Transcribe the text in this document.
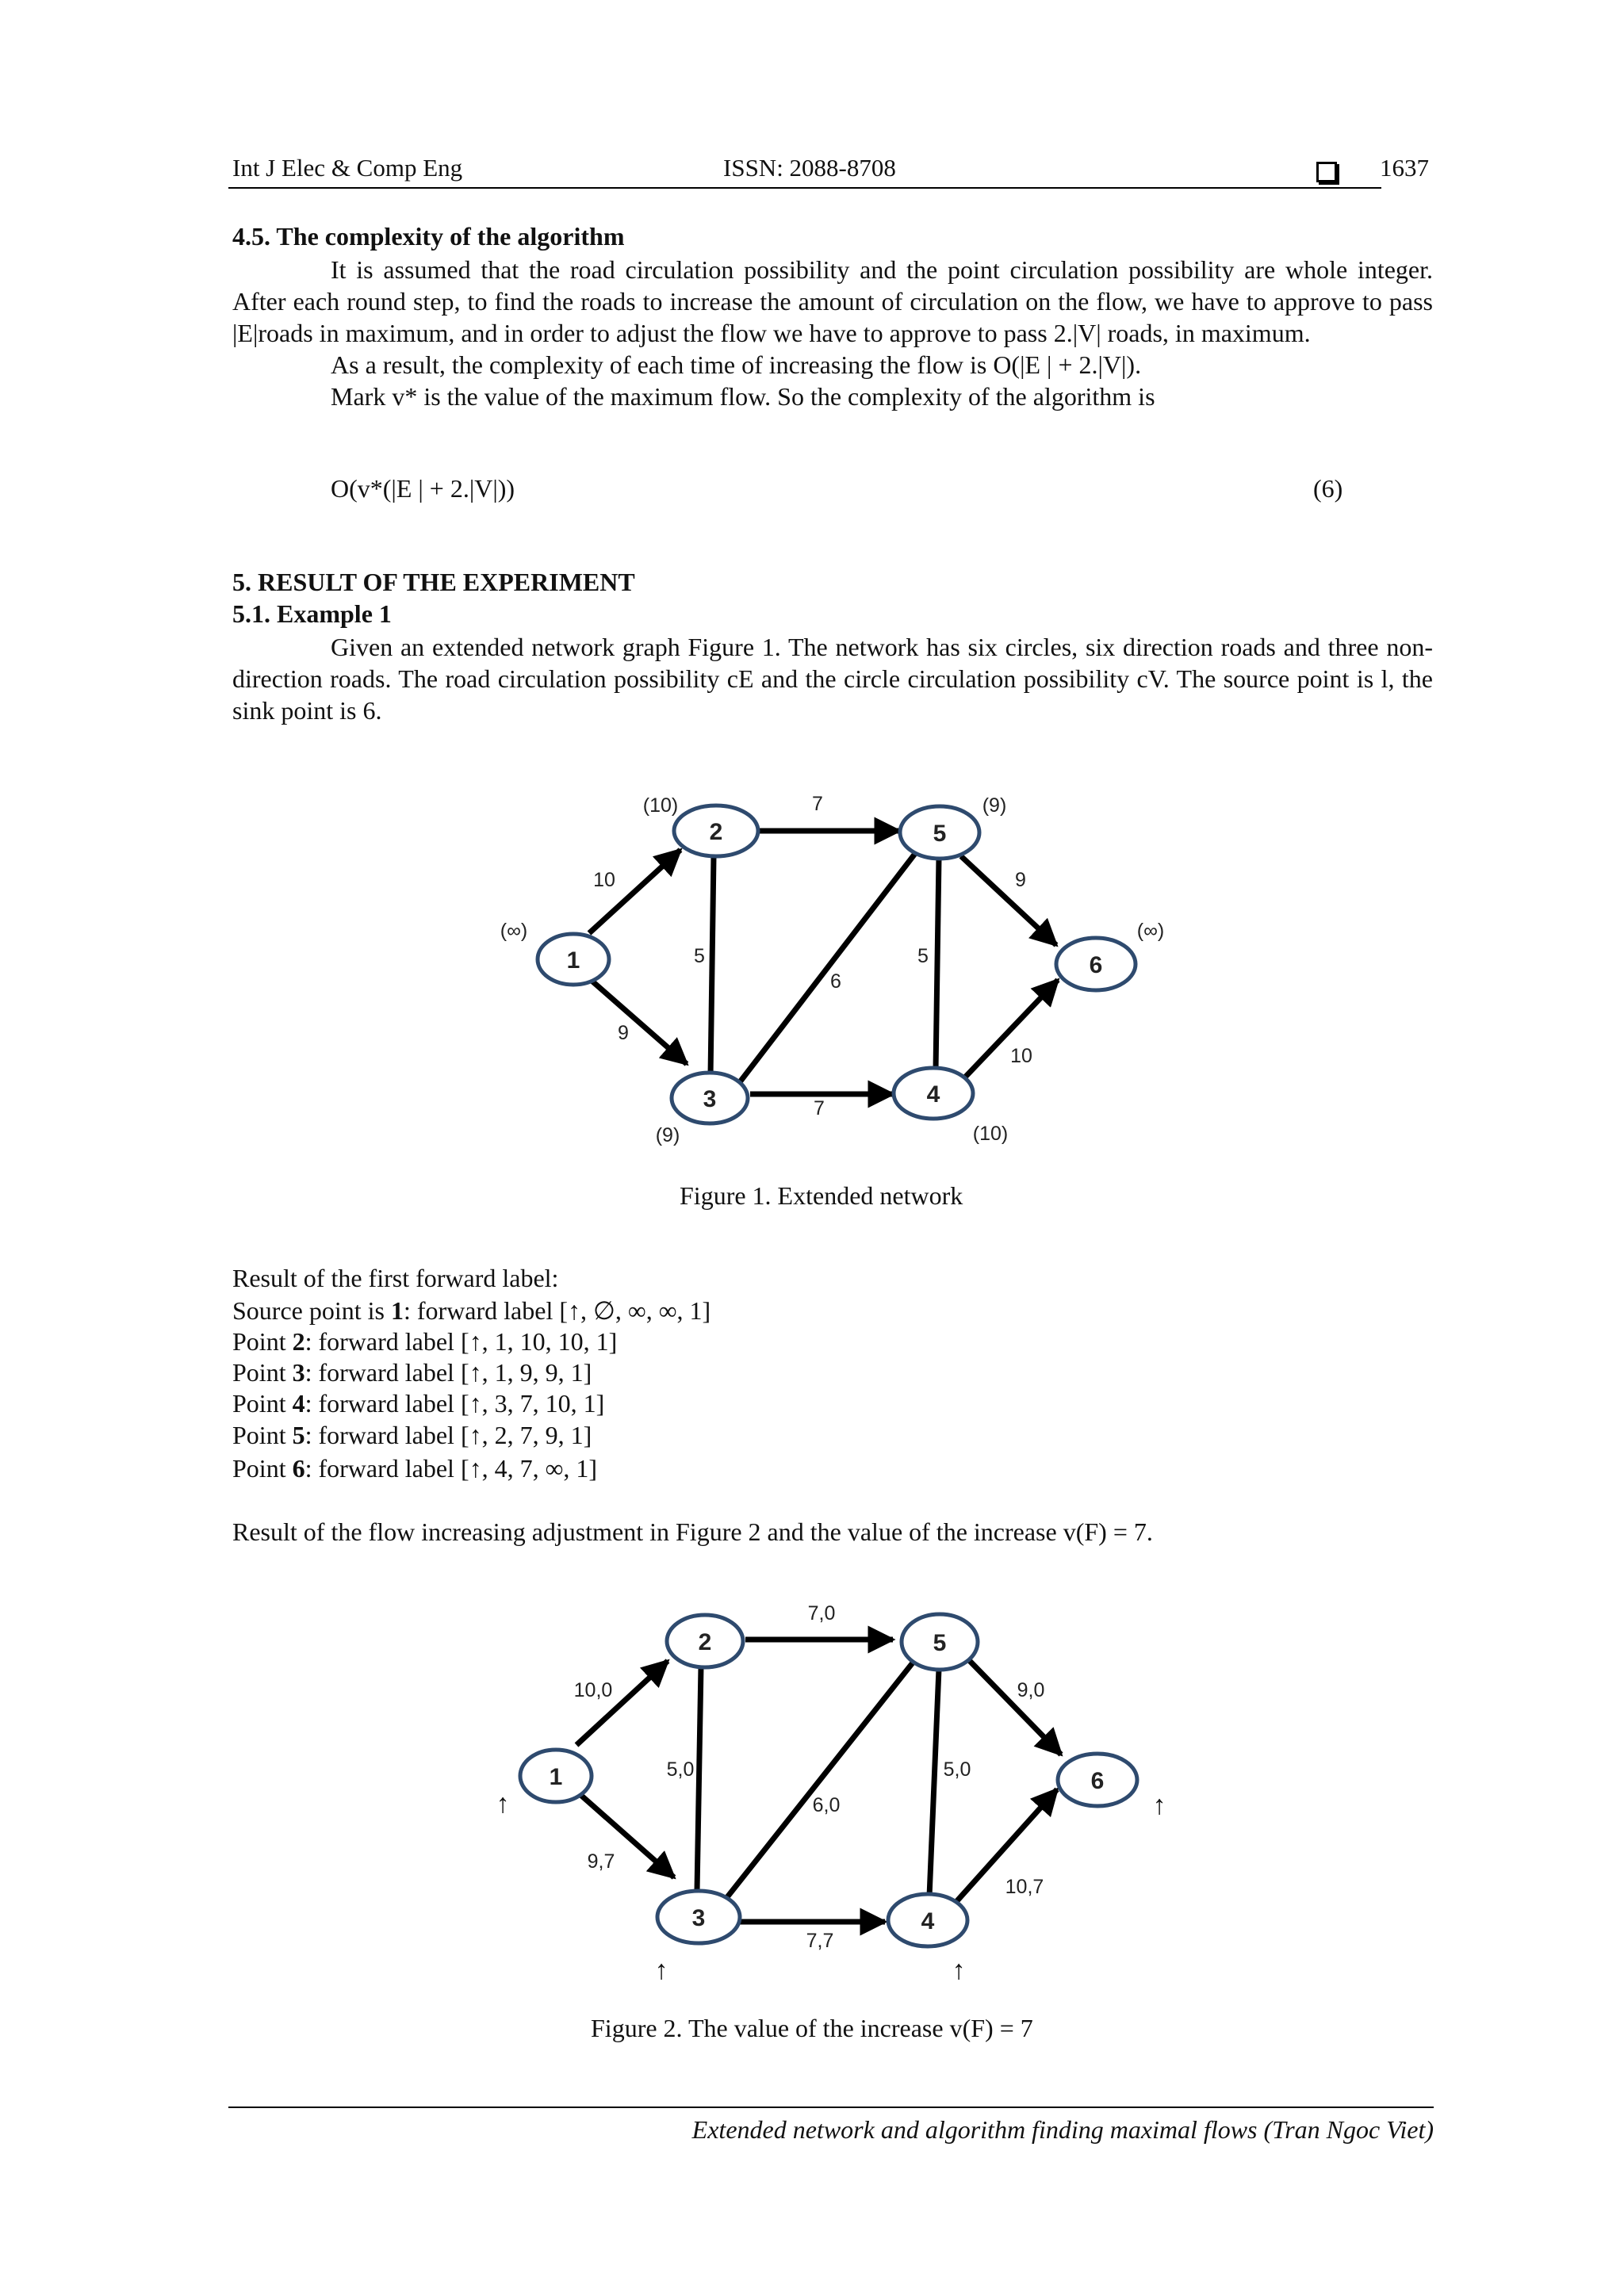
Int J Elec & Comp Eng	ISSN: 2088-8708	1637
4.5. The complexity of the algorithm

It is assumed that the road circulation possibility and the point circulation possibility are whole integer. After each round step, to find the roads to increase the amount of circulation on the flow, we have to approve to pass |E|roads in maximum, and in order to adjust the flow we have to approve to pass 2.|V| roads, in maximum.

As a result, the complexity of each time of increasing the flow is O(|E | + 2.|V|).

Mark v* is the value of the maximum flow. So the complexity of the algorithm is

O(v*(|E | + 2.|V|))	(6)
5. RESULT OF THE EXPERIMENT
5.1. Example 1

Given an extended network graph Figure 1. The network has six circles, six direction roads and three non-direction roads. The road circulation possibility cE and the circle circulation possibility cV. The source point is l, the sink point is 6.

1
2
3	4
5
6
(∞)
(10)
(9)	(10)
(9)
(∞)
10
9
7
5
6
7
5
9
10
Figure 1. Extended network
Result of the first forward label:
Source point is 1: forward label [↑, ∅, ∞, ∞, 1]
Point 2: forward label [↑, 1, 10, 10, 1]
Point 3: forward label [↑, 1, 9, 9, 1]
Point 4: forward label [↑, 3, 7, 10, 1]
Point 5: forward label [↑, 2, 7, 9, 1]
Point 6: forward label [↑, 4, 7, ∞, 1]
Result of the flow increasing adjustment in Figure 2 and the value of the increase v(F) = 7.
1
2
3	4
5
6
10,0
9,7
7,0
5,0
6,0
7,7
5,0
9,0
10,7
↑	↑
↑	↑
Figure 2. The value of the increase v(F) = 7
Extended network and algorithm finding maximal flows (Tran Ngoc Viet)
